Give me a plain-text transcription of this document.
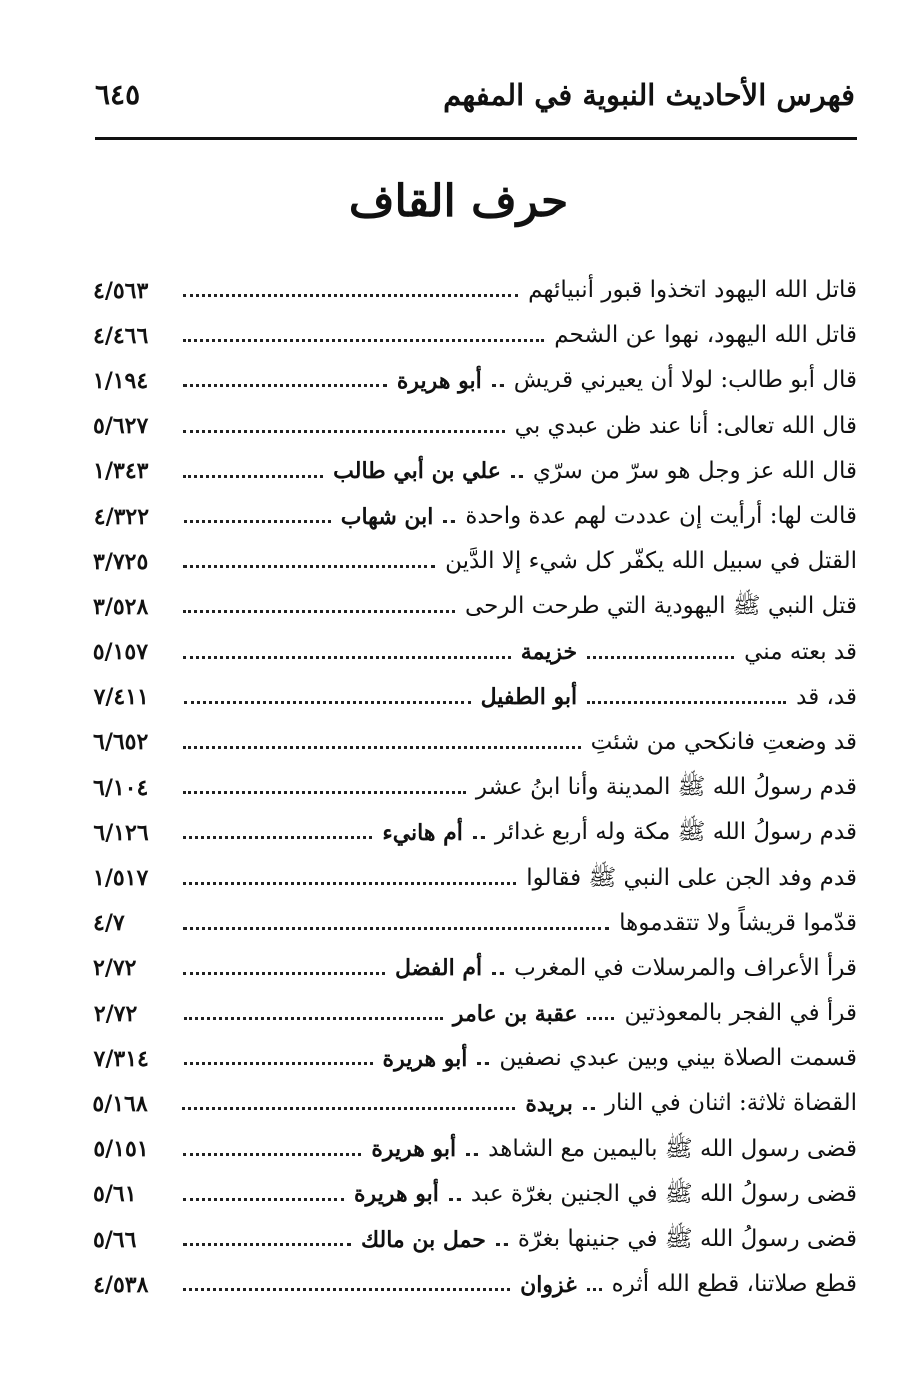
فهرس الأحاديث النبوية في المفهم
٦٤٥
حرف القاف
قاتل الله اليهود اتخذوا قبور أنبيائهم
٤/٥٦٣
قاتل الله اليهود، نهوا عن الشحم
٤/٤٦٦
قال أبو طالب: لولا أن يعيرني قريش
أبو هريرة
١/١٩٤
قال الله تعالى: أنا عند ظن عبدي بي
٥/٦٢٧
قال الله عز وجل هو سرّ من سرّي
علي بن أبي طالب
١/٣٤٣
قالت لها: أرأيت إن عددت لهم عدة واحدة
ابن شهاب
٤/٣٢٢
القتل في سبيل الله يكفّر كل شيء إلا الدَّين
٣/٧٢٥
قتل النبي ﷺ اليهودية التي طرحت الرحى
٣/٥٢٨
قد بعته مني
خزيمة
٥/١٥٧
قد، قد
أبو الطفيل
٧/٤١١
قد وضعتِ فانكحي من شئتِ
٦/٦٥٢
قدم رسولُ الله ﷺ المدينة وأنا ابنُ عشر
٦/١٠٤
قدم رسولُ الله ﷺ مكة وله أربع غدائر
أم هانيء
٦/١٢٦
قدم وفد الجن على النبي ﷺ فقالوا
١/٥١٧
قدّموا قريشاً ولا تتقدموها
٤/٧
قرأ الأعراف والمرسلات في المغرب
أم الفضل
٢/٧٢
قرأ في الفجر بالمعوذتين
عقبة بن عامر
٢/٧٢
قسمت الصلاة بيني وبين عبدي نصفين
أبو هريرة
٧/٣١٤
القضاة ثلاثة: اثنان في النار
بريدة
٥/١٦٨
قضى رسول الله ﷺ باليمين مع الشاهد
أبو هريرة
٥/١٥١
قضى رسولُ الله ﷺ في الجنين بغرّة عبد
أبو هريرة
٥/٦١
قضى رسولُ الله ﷺ في جنينها بغرّة
حمل بن مالك
٥/٦٦
قطع صلاتنا، قطع الله أثره
غزوان
٤/٥٣٨
